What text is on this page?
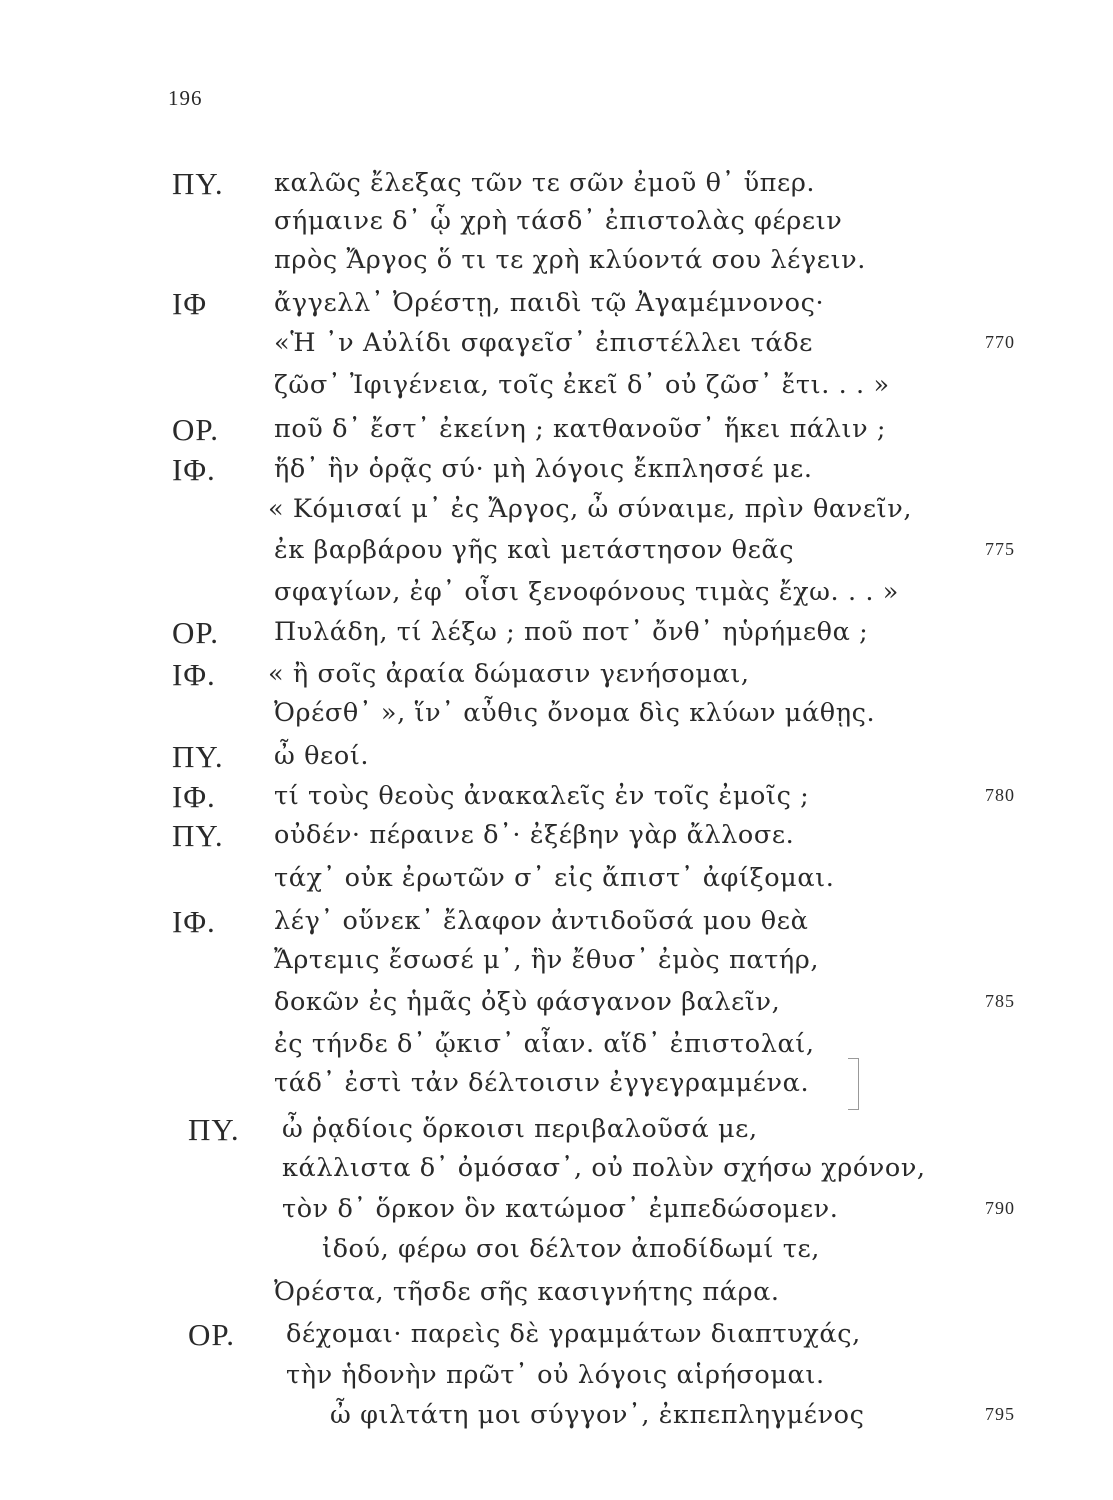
196
ΠΥ. καλῶς ἔλεξας τῶν τε σῶν ἐμοῦ θ᾽ ὕπερ.
σήμαινε δ᾽ ᾧ χρὴ τάσδ᾽ ἐπιστολὰς φέρειν
πρὸς Ἄργος ὅ τι τε χρὴ κλύοντά σου λέγειν.
ΙΦ	ἄγγελλ᾽ Ὀρέστῃ, παιδὶ τῷ Ἀγαμέμνονος·
«Ἡ ᾽ν Αὐλίδι σφαγεῖσ᾽ ἐπιστέλλει τάδε	770
ζῶσ᾽ Ἰφιγένεια, τοῖς ἐκεῖ δ᾽ οὐ ζῶσ᾽ ἔτι. . . »
ΟΡ. ποῦ δ᾽ ἔστ᾽ ἐκείνη ; κατθανοῦσ᾽ ἥκει πάλιν ;
ΙΦ. ἥδ᾽ ἣν ὁρᾷς σύ· μὴ λόγοις ἔκπλησσέ με.
« Κόμισαί μ᾽ ἐς Ἄργος, ὦ σύναιμε, πρὶν θανεῖν,
ἐκ βαρβάρου γῆς καὶ μετάστησον θεᾶς	775
σφαγίων, ἐφ᾽ οἷσι ξενοφόνους τιμὰς ἔχω. . . »
ΟΡ. Πυλάδη, τί λέξω ; ποῦ ποτ᾽ ὄνθ᾽ ηὑρήμεθα ;
ΙΦ. « ἢ σοῖς ἀραία δώμασιν γενήσομαι,
Ὀρέσθ᾽ », ἵν᾽ αὖθις ὄνομα δὶς κλύων μάθῃς.
ΠΥ. ὦ θεοί.
ΙΦ. τί τοὺς θεοὺς ἀνακαλεῖς ἐν τοῖς ἐμοῖς ;	780
ΠΥ. οὐδέν· πέραινε δ᾽· ἐξέβην γὰρ ἄλλοσε.
τάχ᾽ οὐκ ἐρωτῶν σ᾽ εἰς ἄπιστ᾽ ἀφίξομαι.
ΙΦ. λέγ᾽ οὕνεκ᾽ ἔλαφον ἀντιδοῦσά μου θεὰ
Ἄρτεμις ἔσωσέ μ᾽, ἣν ἔθυσ᾽ ἐμὸς πατήρ,
δοκῶν ἐς ἡμᾶς ὀξὺ φάσγανον βαλεῖν,	785
ἐς τήνδε δ᾽ ᾤκισ᾽ αἶαν. αἵδ᾽ ἐπιστολαί,
τάδ᾽ ἐστὶ τἀν δέλτοισιν ἐγγεγραμμένα.
ΠΥ. ὦ ῥᾳδίοις ὅρκοισι περιβαλοῦσά με,
κάλλιστα δ᾽ ὀμόσασ᾽, οὐ πολὺν σχήσω χρόνον,
τὸν δ᾽ ὅρκον ὃν κατώμοσ᾽ ἐμπεδώσομεν.	790
ἰδού, φέρω σοι δέλτον ἀποδίδωμί τε,
Ὀρέστα, τῆσδε σῆς κασιγνήτης πάρα.
ΟΡ. δέχομαι· παρεὶς δὲ γραμμάτων διαπτυχάς,
τὴν ἡδονὴν πρῶτ᾽ οὐ λόγοις αἱρήσομαι.
ὦ φιλτάτη μοι σύγγον᾽, ἐκπεπληγμένος	795
